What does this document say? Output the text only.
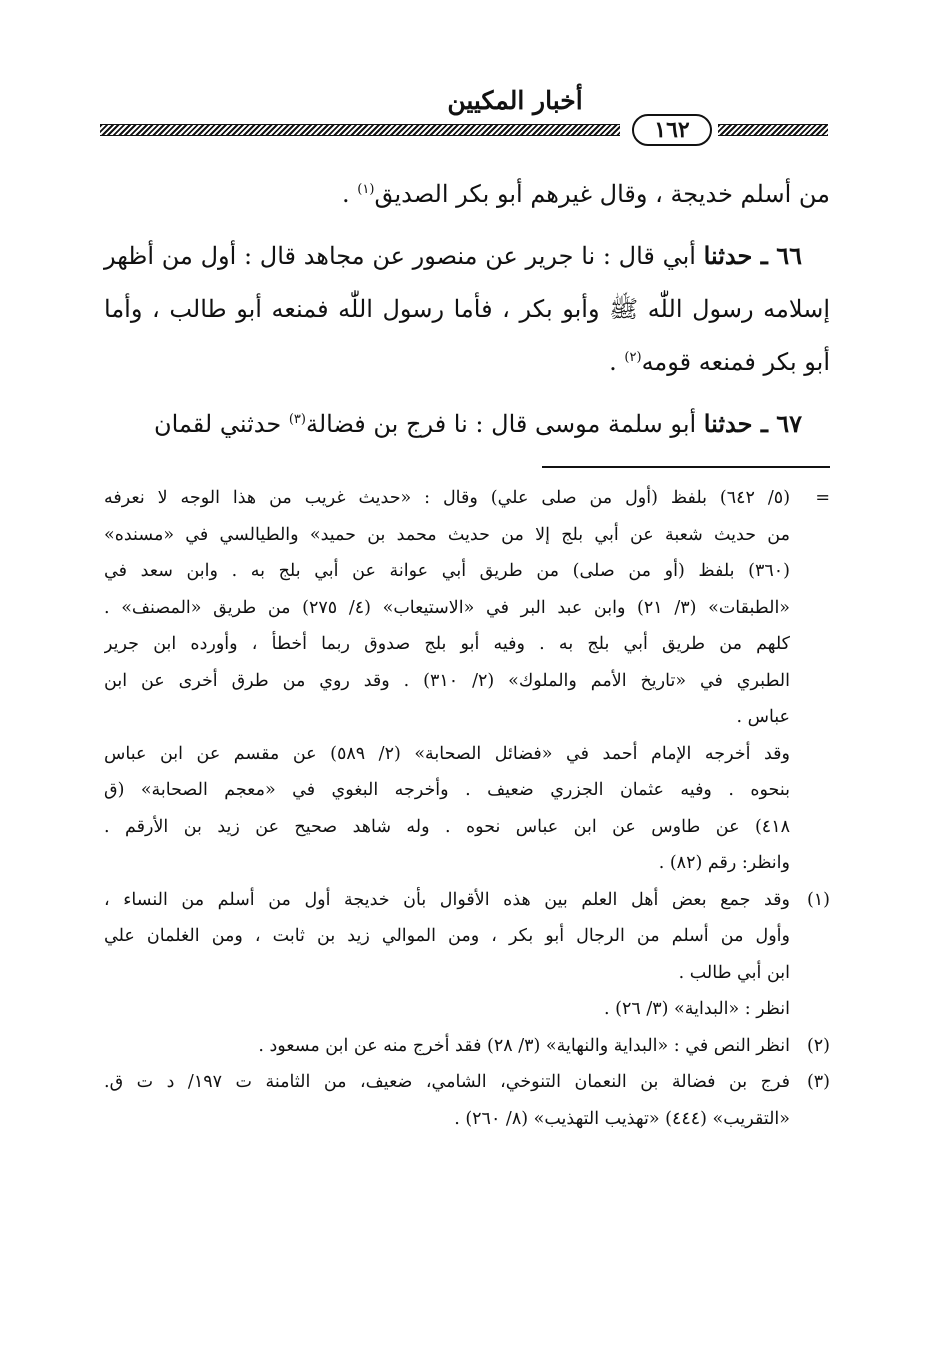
أخبار المكيين
١٦٢

من أسلم خديجة ، وقال غيرهم أبو بكر الصديق$^{(١)}$ .

٦٦ ـ حدثنا أبي قال : نا جرير عن منصور عن مجاهد قال : أول من أظهر إسلامه رسول اللّٰه ﷺ وأبو بكر ، فأما رسول اللّٰه فمنعه أبو طالب ، وأما أبو بكر فمنعه قومه$^{(٢)}$ .

٦٧ ـ حدثنا أبو سلمة موسى قال : نا فرج بن فضالة$^{(٣)}$ حدثني لقمان

=
(٥/ ٦٤٢) بلفظ (أول من صلى علي) وقال : «حديث غريب من هذا الوجه لا نعرفه
من حديث شعبة عن أبي بلج إلا من حديث محمد بن حميد» والطيالسي في «مسنده»
(٣٦٠) بلفظ (أو من صلى) من طريق أبي عوانة عن أبي بلج به . وابن سعد في
«الطبقات» (٣/ ٢١) وابن عبد البر في «الاستيعاب» (٤/ ٢٧٥) من طريق «المصنف» .
كلهم من طريق أبي بلج به . وفيه أبو بلج صدوق ربما أخطأ ، وأورده ابن جرير
الطبري في «تاريخ الأمم والملوك» (٢/ ٣١٠) . وقد روي من طرق أخرى عن ابن
عباس .
وقد أخرجه الإمام أحمد في «فضائل الصحابة» (٢/ ٥٨٩) عن مقسم عن ابن عباس
بنحوه . وفيه عثمان الجزري ضعيف . وأخرجه البغوي في «معجم الصحابة» (ق
٤١٨) عن طاوس عن ابن عباس نحوه . وله شاهد صحيح عن زيد بن الأرقم .
وانظر: رقم (٨٢) .
(١)
وقد جمع بعض أهل العلم بين هذه الأقوال بأن خديجة أول من أسلم من النساء ،
وأول من أسلم من الرجال أبو بكر ، ومن الموالي زيد بن ثابت ، ومن الغلمان علي
ابن أبي طالب .
انظر : «البداية» (٣/ ٢٦) .
(٢)
انظر النص في : «البداية والنهاية» (٣/ ٢٨) فقد أخرج منه عن ابن مسعود .
(٣)
فرج بن فضالة بن النعمان التنوخي، الشامي، ضعيف، من الثامنة ت ١٩٧/ د ت ق.
«التقريب» (٤٤٤) «تهذيب التهذيب» (٨/ ٢٦٠) .
